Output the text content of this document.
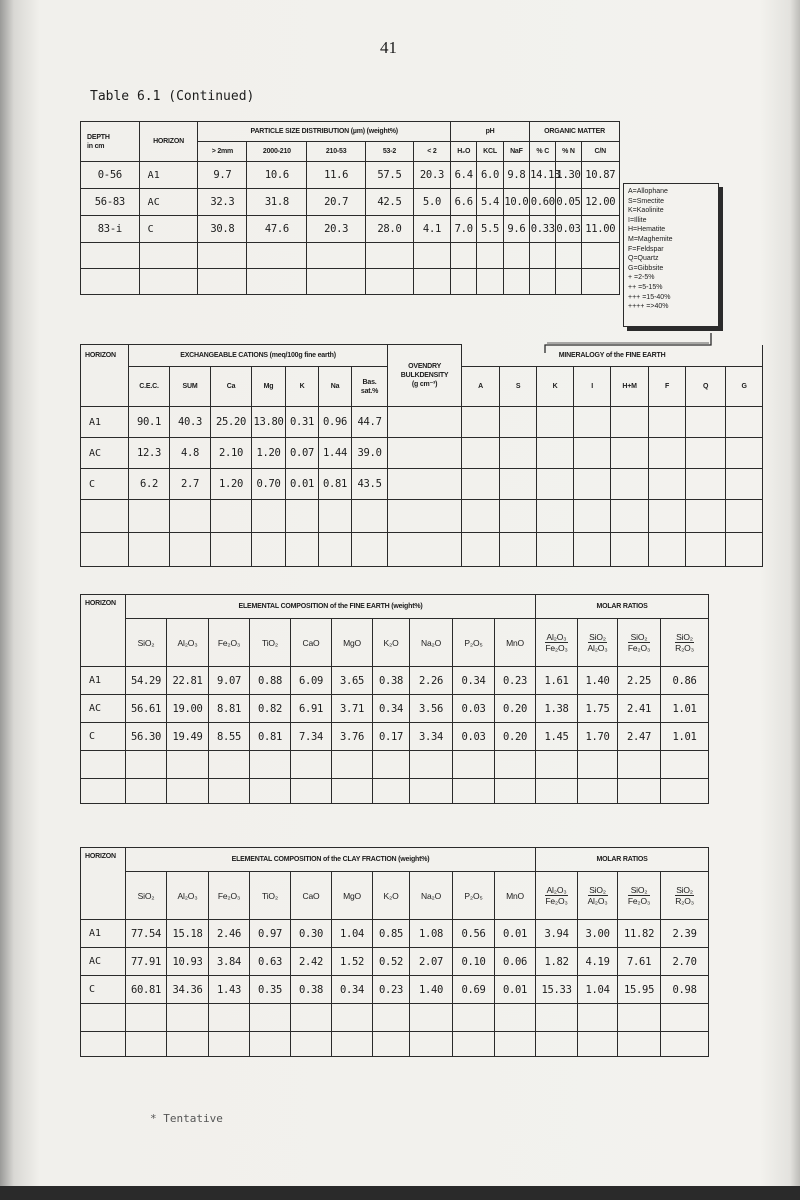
41
Table 6.1 (Continued)
DEPTH
in cm	HORIZON	PARTICLE SIZE DISTRIBUTION (µm) (weight%)					pH			ORGANIC MATTER		
		> 2mm	2000-210	210-53	53-2	< 2	H₂O	KCL	NaF	% C	% N	C/N
0-56	A1	9.7	10.6	11.6	57.5	20.3	6.4	6.0	9.8	14.13	1.30	10.87
56-83	AC	32.3	31.8	20.7	42.5	5.0	6.6	5.4	10.0	0.60	0.05	12.00
83-i	C	30.8	47.6	20.3	28.0	4.1	7.0	5.5	9.6	0.33	0.03	11.00

A=Allophane
S=Smectite
K=Kaolinite
I=Illite
H=Hematite
M=Maghemite
F=Feldspar
Q=Quartz
G=Gibbsite
+ =2-5%
++ =5-15%
+++ =15-40%
++++ =>40%
HORIZON	EXCHANGEABLE CATIONS (meq/100g fine earth)							OVENDRY
BULKDENSITY
(g cm⁻³)	MINERALOGY of the FINE EARTH							
	C.E.C.	SUM	Ca	Mg	K	Na	Bas.
sat.%		A	S	K	I	H+M	F	Q	G
A1	90.1	40.3	25.20	13.80	0.31	0.96	44.7									
AC	12.3	4.8	2.10	1.20	0.07	1.44	39.0									
C	6.2	2.7	1.20	0.70	0.01	0.81	43.5									

HORIZON	ELEMENTAL COMPOSITION of the FINE EARTH (weight%)										MOLAR RATIOS			
	SiO₂	Al₂O₃	Fe₂O₃	TiO₂	CaO	MgO	K₂O	Na₂O	P₂O₅	MnO	$\frac{\text{Al₂O₃}}{\text{Fe₂O₃}}$	$\frac{\text{SiO₂}}{\text{Al₂O₃}}$	$\frac{\text{SiO₂}}{\text{Fe₂O₃}}$	$\frac{\text{SiO₂}}{\text{R₂O₃}}$
A1	54.29	22.81	9.07	0.88	6.09	3.65	0.38	2.26	0.34	0.23	1.61	1.40	2.25	0.86
AC	56.61	19.00	8.81	0.82	6.91	3.71	0.34	3.56	0.03	0.20	1.38	1.75	2.41	1.01
C	56.30	19.49	8.55	0.81	7.34	3.76	0.17	3.34	0.03	0.20	1.45	1.70	2.47	1.01

HORIZON	ELEMENTAL COMPOSITION of the CLAY FRACTION (weight%)										MOLAR RATIOS			
	SiO₂	Al₂O₃	Fe₂O₃	TiO₂	CaO	MgO	K₂O	Na₂O	P₂O₅	MnO	$\frac{\text{Al₂O₃}}{\text{Fe₂O₃}}$	$\frac{\text{SiO₂}}{\text{Al₂O₃}}$	$\frac{\text{SiO₂}}{\text{Fe₂O₃}}$	$\frac{\text{SiO₂}}{\text{R₂O₃}}$
A1	77.54	15.18	2.46	0.97	0.30	1.04	0.85	1.08	0.56	0.01	3.94	3.00	11.82	2.39
AC	77.91	10.93	3.84	0.63	2.42	1.52	0.52	2.07	0.10	0.06	1.82	4.19	7.61	2.70
C	60.81	34.36	1.43	0.35	0.38	0.34	0.23	1.40	0.69	0.01	15.33	1.04	15.95	0.98

* Tentative
